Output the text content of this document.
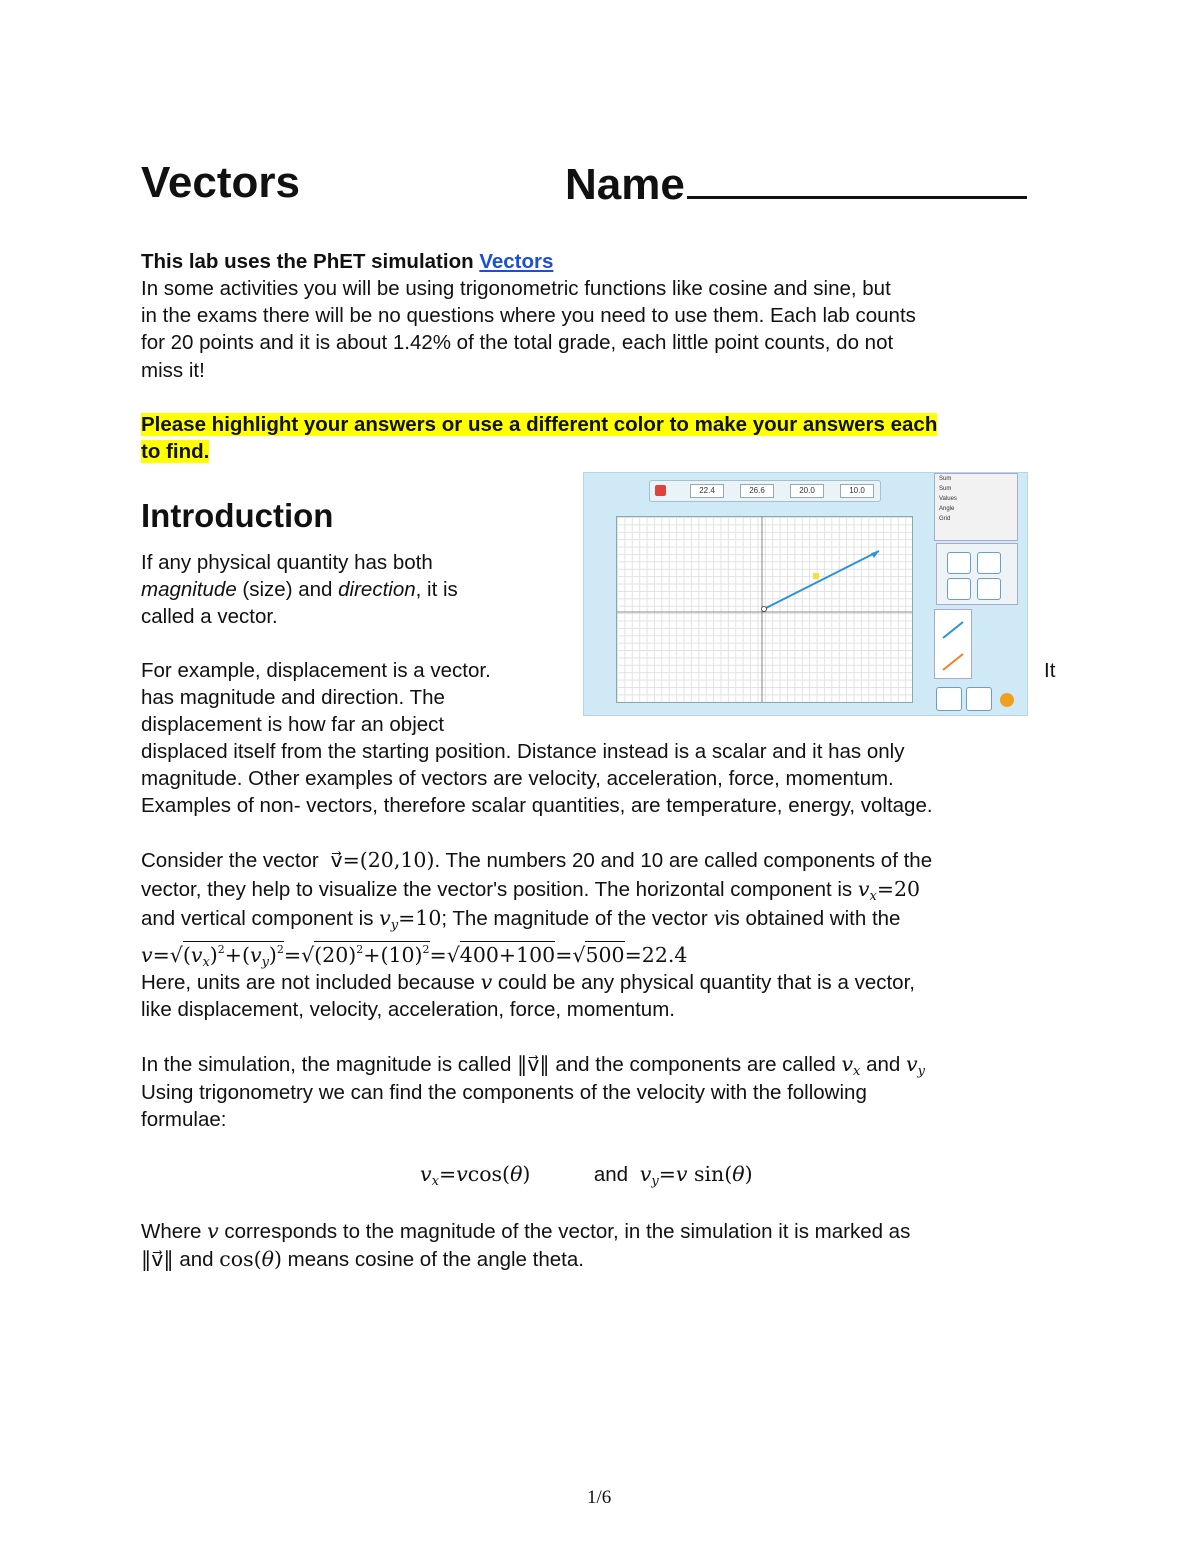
Vectors	Name
This lab uses the PhET simulation Vectors
In some activities you will be using trigonometric functions like cosine and sine, but
in the exams there will be no questions where you need to use them. Each lab counts
for 20 points and it is about 1.42% of the total grade, each little point counts, do not
miss it!
Please highlight your answers or use a different color to make your answers each
to find.
Introduction
If any physical quantity has both
magnitude (size) and direction, it is
called a vector.
For example, displacement is a vector.	It
has magnitude and direction. The
displacement is how far an object
displaced itself from the starting position. Distance instead is a scalar and it has only
magnitude. Other examples of vectors are velocity, acceleration, force, momentum.
Examples of non- vectors, therefore scalar quantities, are temperature, energy, voltage.
22.4	26.6	20.0	10.0
Sum
Sum
Values
Angle
Grid
Consider the vector v⃗=(20,10). The numbers 20 and 10 are called components of the
vector, they help to visualize the vector's position. The horizontal component is $v_x=20$
and vertical component is $v_y=10$; The magnitude of the vector vis obtained with the
$v=√(v_x)^2+(v_y)^2=√(20)^2+(10)^2=√400+100=√500=22.4$
Here, units are not included because v could be any physical quantity that is a vector,
like displacement, velocity, acceleration, force, momentum.
In the simulation, the magnitude is called ‖v⃗‖ and the components are called $v_x$ and $v_y$
Using trigonometry we can find the components of the velocity with the following
formulae:
$v_x=vcos(\theta)$	and $v_y=v$ sin(θ)
Where v corresponds to the magnitude of the vector, in the simulation it is marked as
‖v⃗‖ and cos(θ) means cosine of the angle theta.
1/6
